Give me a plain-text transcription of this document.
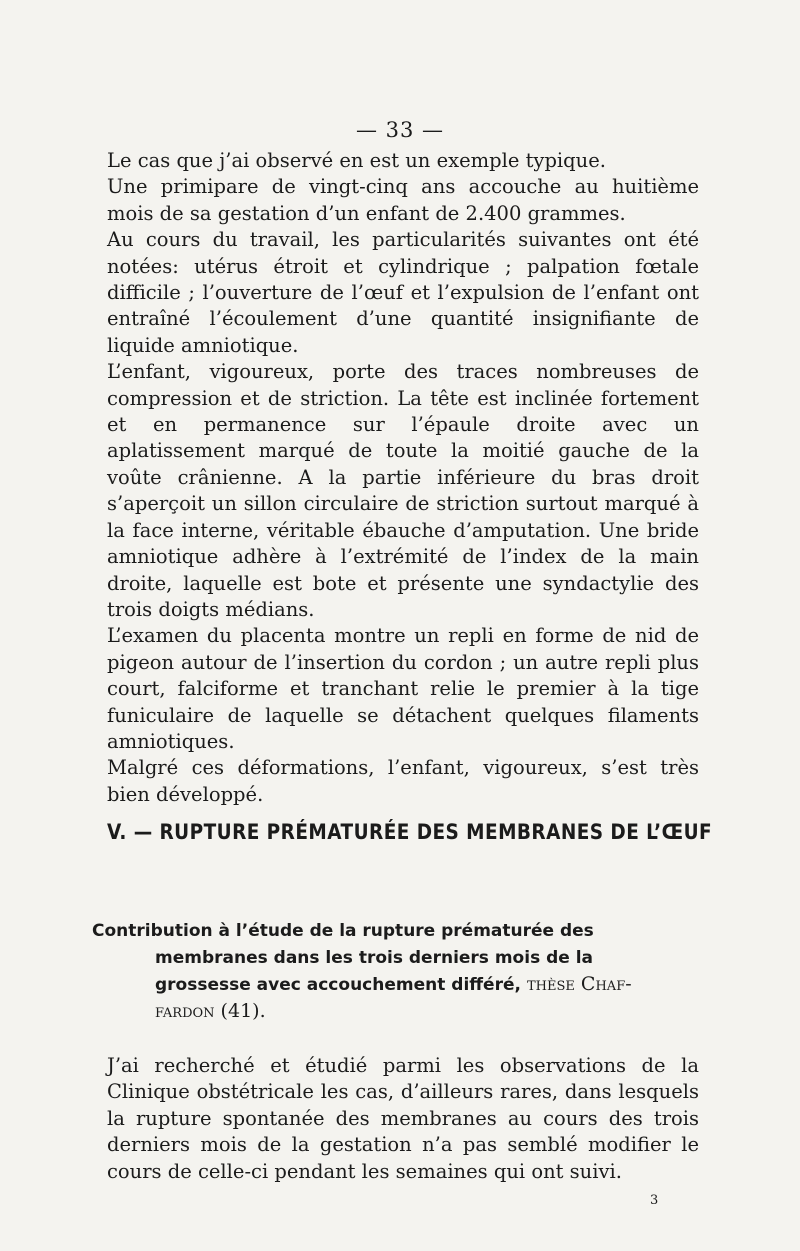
— 33 —

Le cas que j’ai observé en est un exemple typique.

Une primipare de vingt-cinq ans accouche au huitième mois de sa gestation d’un enfant de 2.400 grammes.

Au cours du travail, les particularités suivantes ont été notées: utérus étroit et cylindrique ; palpation fœtale difficile ; l’ouverture de l’œuf et l’expulsion de l’enfant ont entraîné l’écoulement d’une quantité insignifiante de liquide amniotique.

L’enfant, vigoureux, porte des traces nombreuses de compression et de striction. La tête est inclinée fortement et en permanence sur l’épaule droite avec un aplatissement marqué de toute la moitié gauche de la voûte crânienne. A la partie inférieure du bras droit s’aperçoit un sillon circulaire de striction surtout marqué à la face interne, véritable ébauche d’amputation. Une bride amniotique adhère à l’extrémité de l’index de la main droite, laquelle est bote et présente une syndactylie des trois doigts médians.

L’examen du placenta montre un repli en forme de nid de pigeon autour de l’insertion du cordon ; un autre repli plus court, falciforme et tranchant relie le premier à la tige funiculaire de laquelle se détachent quelques filaments amniotiques.

Malgré ces déformations, l’enfant, vigoureux, s’est très bien développé.

V. — RUPTURE PRÉMATURÉE DES MEMBRANES DE L’ŒUF
Contribution à l’étude de la rupture prématurée des
membranes dans les trois derniers mois de la
grossesse avec accouchement différé, thèse Chaf-
fardon (41).

J’ai recherché et étudié parmi les observations de la Clinique obstétricale les cas, d’ailleurs rares, dans lesquels la rupture spontanée des membranes au cours des trois derniers mois de la gestation n’a pas semblé modifier le cours de celle-ci pendant les semaines qui ont suivi.

3
